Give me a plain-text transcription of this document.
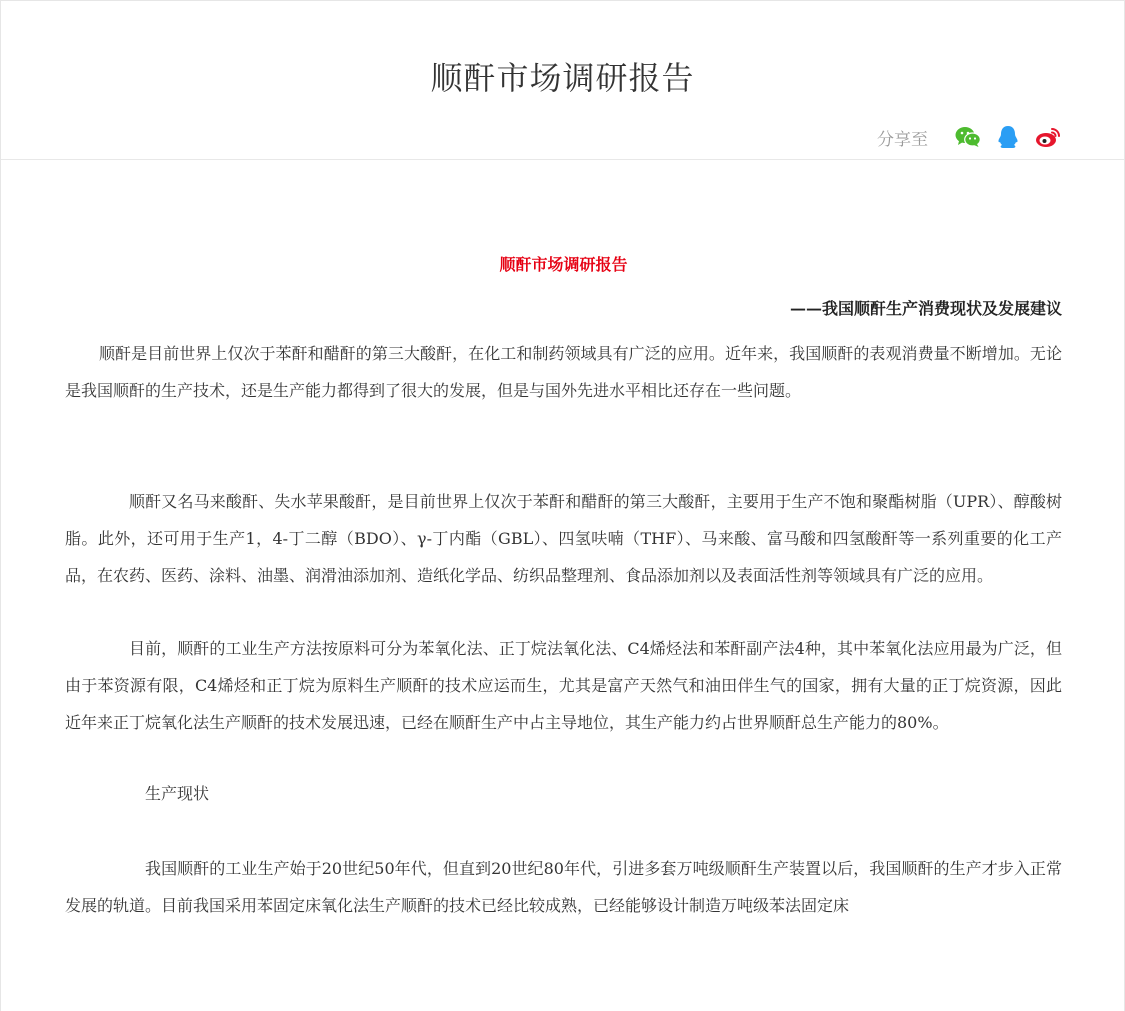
顺酐市场调研报告
分享至
顺酐市场调研报告
——我国顺酐生产消费现状及发展建议

顺酐是目前世界上仅次于苯酐和醋酐的第三大酸酐，在化工和制药领域具有广泛的应用。近年来，我国顺酐的表观消费量不断增加。无论是我国顺酐的生产技术，还是生产能力都得到了很大的发展，但是与国外先进水平相比还存在一些问题。

顺酐又名马来酸酐、失水苹果酸酐，是目前世界上仅次于苯酐和醋酐的第三大酸酐，主要用于生产不饱和聚酯树脂（UPR）、醇酸树脂。此外，还可用于生产1，4-丁二醇（BDO）、γ-丁内酯（GBL）、四氢呋喃（THF）、马来酸、富马酸和四氢酸酐等一系列重要的化工产品，在农药、医药、涂料、油墨、润滑油添加剂、造纸化学品、纺织品整理剂、食品添加剂以及表面活性剂等领域具有广泛的应用。

目前，顺酐的工业生产方法按原料可分为苯氧化法、正丁烷法氧化法、C4烯烃法和苯酐副产法4种，其中苯氧化法应用最为广泛，但由于苯资源有限，C4烯烃和正丁烷为原料生产顺酐的技术应运而生，尤其是富产天然气和油田伴生气的国家，拥有大量的正丁烷资源，因此近年来正丁烷氧化法生产顺酐的技术发展迅速，已经在顺酐生产中占主导地位，其生产能力约占世界顺酐总生产能力的80%。

生产现状

我国顺酐的工业生产始于20世纪50年代，但直到20世纪80年代，引进多套万吨级顺酐生产装置以后，我国顺酐的生产才步入正常发展的轨道。目前我国采用苯固定床氧化法生产顺酐的技术已经比较成熟，已经能够设计制造万吨级苯法固定床
